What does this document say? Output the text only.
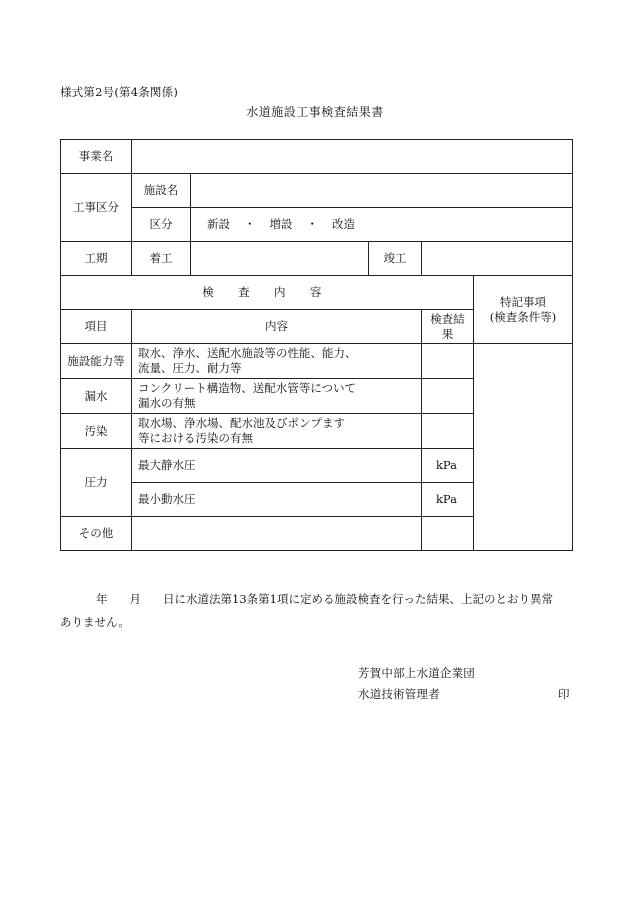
様式第2号(第4条関係)
水道施設工事検査結果書
事業名					
工事区分	施設名				
	区分	新設 ・ 増設 ・ 改造			
工期	着工		竣工		
検 査 内 容					特記事項
(検査条件等)

項目	内容			検査結果	
施設能力等	取水、浄水、送配水施設等の性能、能力、
流量、圧力、耐力等				

漏水	コンクリート構造物、送配水管等について
漏水の有無				

汚染	取水場、浄水場、配水池及びポンプます
等における汚染の有無				

圧力	最大静水圧			kPa	
	最小動水圧			kPa	
その他					
年 月 日に水道法第13条第1項に定める施設検査を行った結果、上記のとおり異常
ありません。
芳賀中部上水道企業団
水道技術管理者	印
